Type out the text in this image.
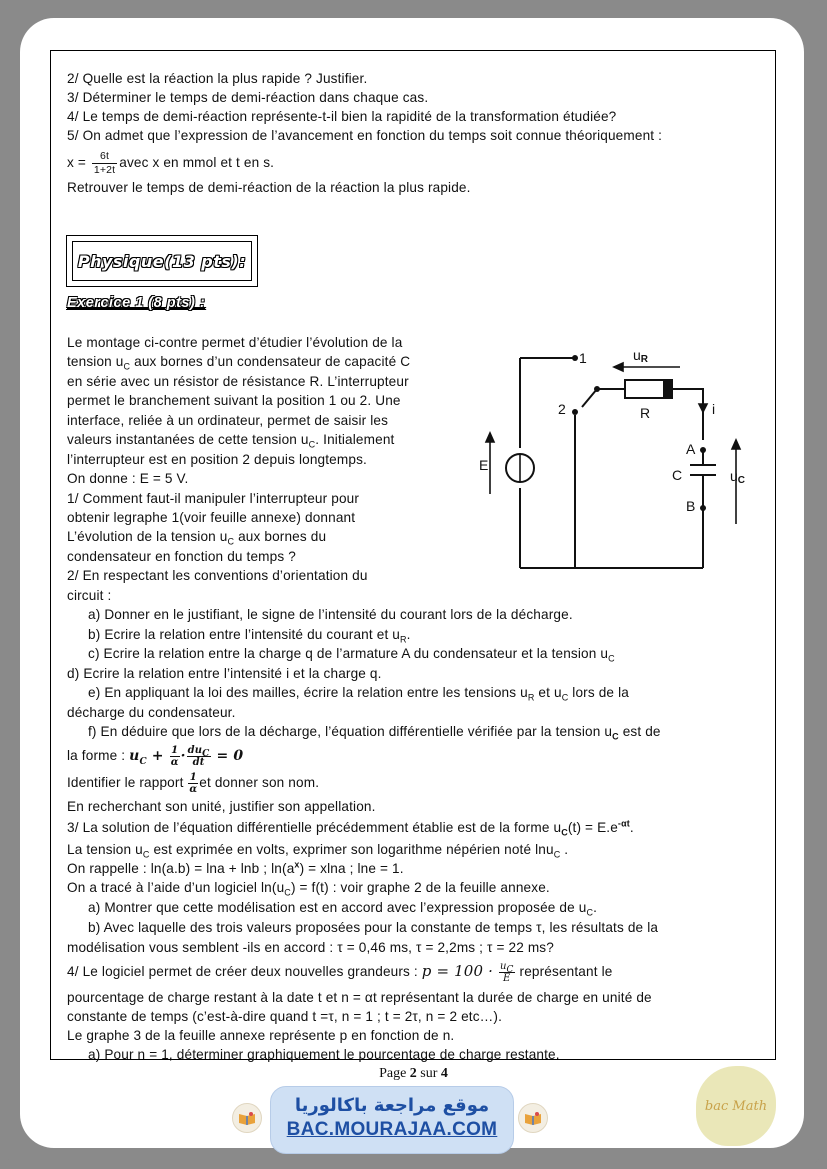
2/ Quelle est la réaction la plus rapide ? Justifier.
3/ Déterminer le temps de demi-réaction dans chaque cas.
4/ Le temps de demi-réaction représente-t-il bien la rapidité de la transformation étudiée?
5/ On admet que l’expression de l’avancement en fonction du temps soit connue théoriquement :
$x = \frac{6t}{1+2t}$ avec x en mmol et t en s.
Retrouver le temps de demi-réaction de la réaction la plus rapide.
Physique(13 pts):
Exercice 1 (8 pts) :
Le montage ci-contre permet d’étudier l’évolution de la
tension $u_C$ aux bornes d’un condensateur de capacité C
en série avec un résistor de résistance R. L’interrupteur
permet le branchement suivant la position 1 ou 2. Une
interface, reliée à un ordinateur, permet de saisir les
valeurs instantanées de cette tension $u_C$. Initialement
l’interrupteur est en position 2 depuis longtemps.
On donne : E = 5 V.
1/ Comment faut-il manipuler l’interrupteur pour
obtenir legraphe 1(voir feuille annexe) donnant
L’évolution de la tension $u_C$ aux bornes du
condensateur en fonction du temps ?
2/ En respectant les conventions d’orientation du
circuit :
1
2
uR
R	i
A
C
B
uC
E
a) Donner en le justifiant, le signe de l’intensité du courant lors de la décharge.
b) Ecrire la relation entre l’intensité du courant et $u_R$.
c) Ecrire la relation entre la charge q de l’armature A du condensateur et la tension $u_C$
d) Ecrire la relation entre l’intensité i et la charge q.
e) En appliquant la loi des mailles, écrire la relation entre les tensions $u_R$ et $u_C$ lors de la
décharge du condensateur.
f) En déduire que lors de la décharge, l’équation différentielle vérifiée par la tension $u_C$ est de
la forme : $u_C + \frac{1}{\alpha} \cdot \frac{du_C}{dt} = 0$
Identifier le rapport $\frac{1}{\alpha}$ et donner son nom.
En recherchant son unité, justifier son appellation.
3/ La solution de l’équation différentielle précédemment établie est de la forme $u_C(t) = E.e^{-\alpha t}$.
La tension $u_C$ est exprimée en volts, exprimer son logarithme népérien noté lnu$_C$ .
On rappelle : ln(a.b) = lna + lnb ; $\ln(a^x) = xlna$ ; lne = 1.
On a tracé à l’aide d’un logiciel $\ln(u_C) = f(t)$ : voir graphe 2 de la feuille annexe.
a) Montrer que cette modélisation est en accord avec l’expression proposée de $u_C$.
b) Avec laquelle des trois valeurs proposées pour la constante de temps τ, les résultats de la
modélisation vous semblent -ils en accord : τ = 0,46 ms, τ = 2,2ms ; τ = 22 ms?
4/ Le logiciel permet de créer deux nouvelles grandeurs : $p = 100 \cdot \frac{u_C}{E}$ représentant le
pourcentage de charge restant à la date t et n = αt représentant la durée de charge en unité de
constante de temps (c’est-à-dire quand t =τ, n = 1 ; t = 2τ, n = 2 etc…).
Le graphe 3 de la feuille annexe représente p en fonction de n.
a) Pour n = 1, déterminer graphiquement le pourcentage de charge restante.
Page 2 sur 4
موقع مراجعة باكالوريا
BAC.MOURAJAA.COM
bac Math
